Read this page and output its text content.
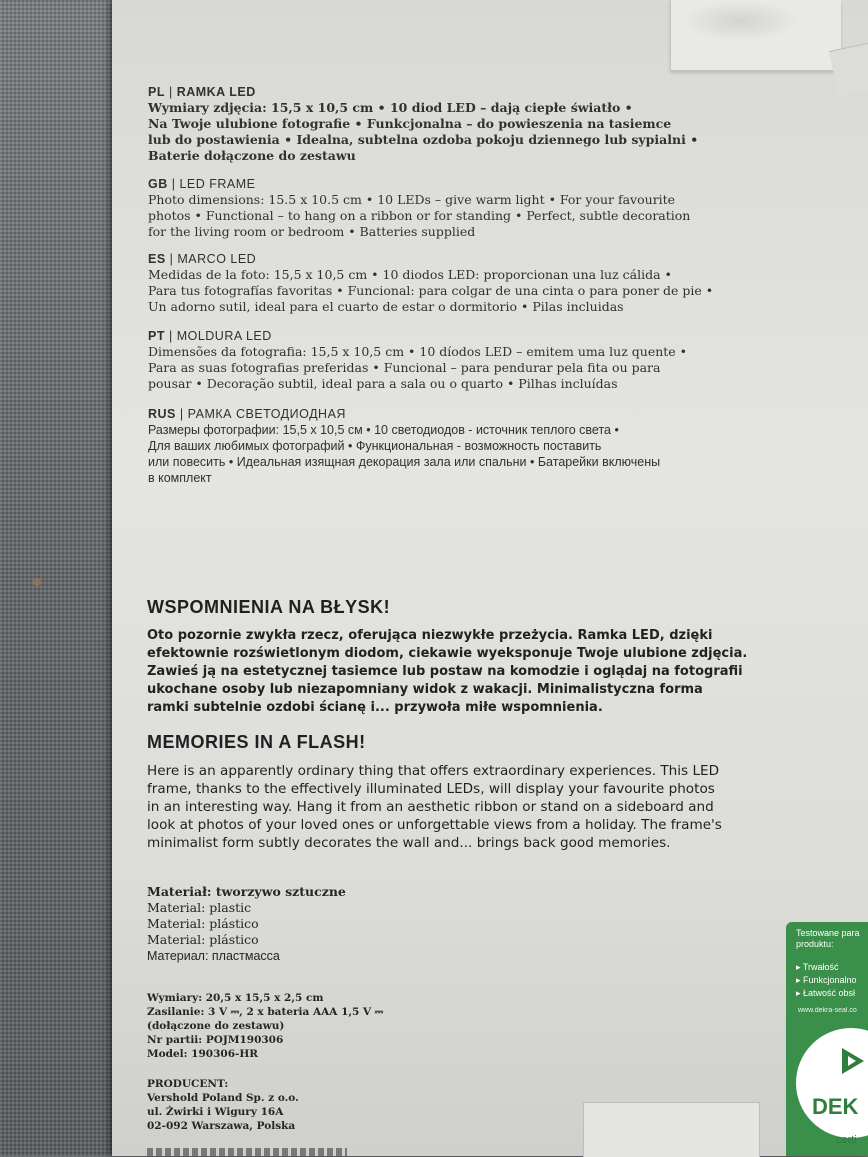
PL | RAMKA LED
Wymiary zdjęcia: 15,5 x 10,5 cm • 10 diod LED – dają ciepłe światło •
Na Twoje ulubione fotografie • Funkcjonalna – do powieszenia na tasiemce
lub do postawienia • Idealna, subtelna ozdoba pokoju dziennego lub sypialni •
Baterie dołączone do zestawu
GB | LED FRAME
Photo dimensions: 15.5 x 10.5 cm • 10 LEDs – give warm light • For your favourite
photos • Functional – to hang on a ribbon or for standing • Perfect, subtle decoration
for the living room or bedroom • Batteries supplied
ES | MARCO LED
Medidas de la foto: 15,5 x 10,5 cm • 10 diodos LED: proporcionan una luz cálida •
Para tus fotografías favoritas • Funcional: para colgar de una cinta o para poner de pie •
Un adorno sutil, ideal para el cuarto de estar o dormitorio • Pilas incluidas
PT | MOLDURA LED
Dimensões da fotografia: 15,5 x 10,5 cm • 10 díodos LED – emitem uma luz quente •
Para as suas fotografias preferidas • Funcional – para pendurar pela fita ou para
pousar • Decoração subtil, ideal para a sala ou o quarto • Pilhas incluídas
RUS | РАМКА СВЕТОДИОДНАЯ
Размеры фотографии: 15,5 x 10,5 см • 10 светодиодов - источник теплого света •
Для ваших любимых фотографий • Функциональная - возможность поставить
или повесить • Идеальная изящная декорация зала или спальни • Батарейки включены
в комплект
WSPOMNIENIA NA BŁYSK!
Oto pozornie zwykła rzecz, oferująca niezwykłe przeżycia. Ramka LED, dzięki
efektownie rozświetlonym diodom, ciekawie wyeksponuje Twoje ulubione zdjęcia.
Zawieś ją na estetycznej tasiemce lub postaw na komodzie i oglądaj na fotografii
ukochane osoby lub niezapomniany widok z wakacji. Minimalistyczna forma
ramki subtelnie ozdobi ścianę i... przywoła miłe wspomnienia.
MEMORIES IN A FLASH!
Here is an apparently ordinary thing that offers extraordinary experiences. This LED
frame, thanks to the effectively illuminated LEDs, will display your favourite photos
in an interesting way. Hang it from an aesthetic ribbon or stand on a sideboard and
look at photos of your loved ones or unforgettable views from a holiday. The frame's
minimalist form subtly decorates the wall and... brings back good memories.
Materiał: tworzywo sztuczne
Material: plastic
Material: plástico
Material: plástico
Материал: пластмасса
Wymiary: 20,5 x 15,5 x 2,5 cm
Zasilanie: 3 V ⎓, 2 x bateria AAA 1,5 V ⎓
(dołączone do zestawu)
Nr partii: POJM190306
Model: 190306-HR
PRODUCENT:
Vershold Poland Sp. z o.o.
ul. Żwirki i Wigury 16A
02-092 Warszawa, Polska
Testowane para
produktu:
▸ Trwałość
▸ Funkcjonalno
▸ Łatwość obsł
www.dekra-seal.co
DEK
certi
